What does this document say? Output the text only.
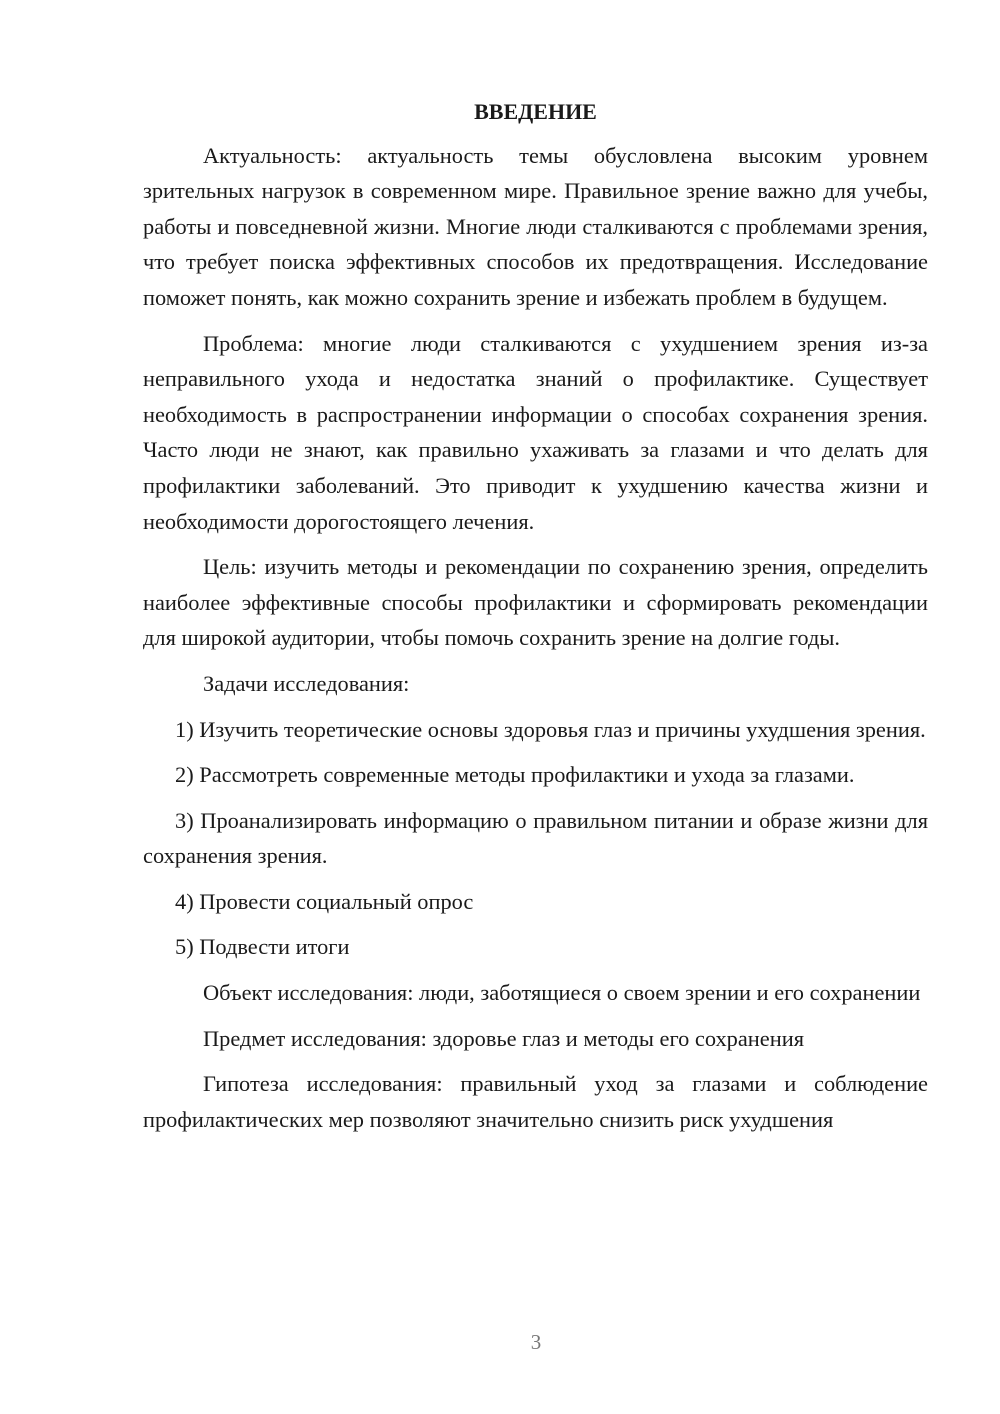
ВВЕДЕНИЕ
Актуальность: актуальность темы обусловлена высоким уровнем зрительных нагрузок в современном мире. Правильное зрение важно для учебы, работы и повседневной жизни. Многие люди сталкиваются с проблемами зрения, что требует поиска эффективных способов их предотвращения. Исследование поможет понять, как можно сохранить зрение и избежать проблем в будущем.
Проблема: многие люди сталкиваются с ухудшением зрения из-за неправильного ухода и недостатка знаний о профилактике. Существует необходимость в распространении информации о способах сохранения зрения. Часто люди не знают, как правильно ухаживать за глазами и что делать для профилактики заболеваний. Это приводит к ухудшению качества жизни и необходимости дорогостоящего лечения.
Цель: изучить методы и рекомендации по сохранению зрения, определить наиболее эффективные способы профилактики и сформировать рекомендации для широкой аудитории, чтобы помочь сохранить зрение на долгие годы.
Задачи исследования:
1) Изучить теоретические основы здоровья глаз и причины ухудшения зрения.
2) Рассмотреть современные методы профилактики и ухода за глазами.
3) Проанализировать информацию о правильном питании и образе жизни для сохранения зрения.
4) Провести социальный опрос
5) Подвести итоги
Объект исследования: люди, заботящиеся о своем зрении и его сохранении
Предмет исследования: здоровье глаз и методы его сохранения
Гипотеза исследования: правильный уход за глазами и соблюдение профилактических мер позволяют значительно снизить риск ухудшения
3
